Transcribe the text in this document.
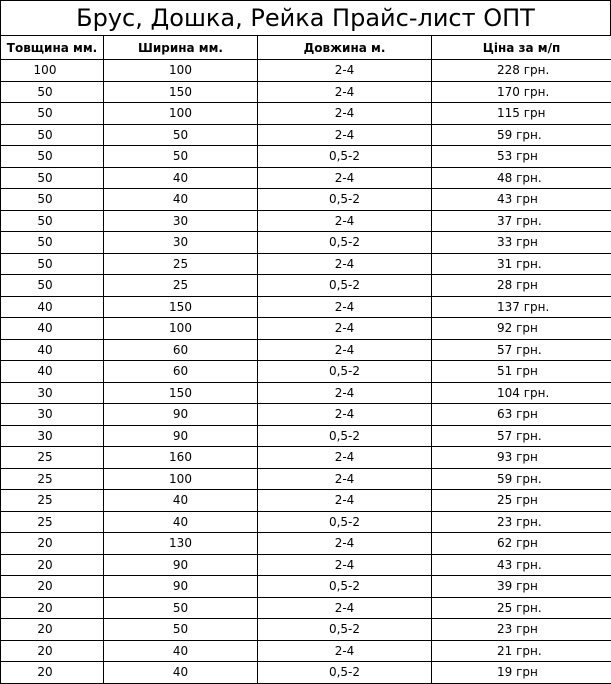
Брус, Дошка, Рейка Прайс-лист ОПТ
Товщина мм.	Ширина мм.	Довжина м.	Ціна за м/п
100	100	2-4	228 грн.
50	150	2-4	170 грн.
50	100	2-4	115 грн
50	50	2-4	59 грн.
50	50	0,5-2	53 грн
50	40	2-4	48 грн.
50	40	0,5-2	43 грн
50	30	2-4	37 грн.
50	30	0,5-2	33 грн
50	25	2-4	31 грн.
50	25	0,5-2	28 грн
40	150	2-4	137 грн.
40	100	2-4	92 грн
40	60	2-4	57 грн.
40	60	0,5-2	51 грн
30	150	2-4	104 грн.
30	90	2-4	63 грн
30	90	0,5-2	57 грн.
25	160	2-4	93 грн
25	100	2-4	59 грн.
25	40	2-4	25 грн
25	40	0,5-2	23 грн.
20	130	2-4	62 грн
20	90	2-4	43 грн.
20	90	0,5-2	39 грн
20	50	2-4	25 грн.
20	50	0,5-2	23 грн
20	40	2-4	21 грн.
20	40	0,5-2	19 грн
